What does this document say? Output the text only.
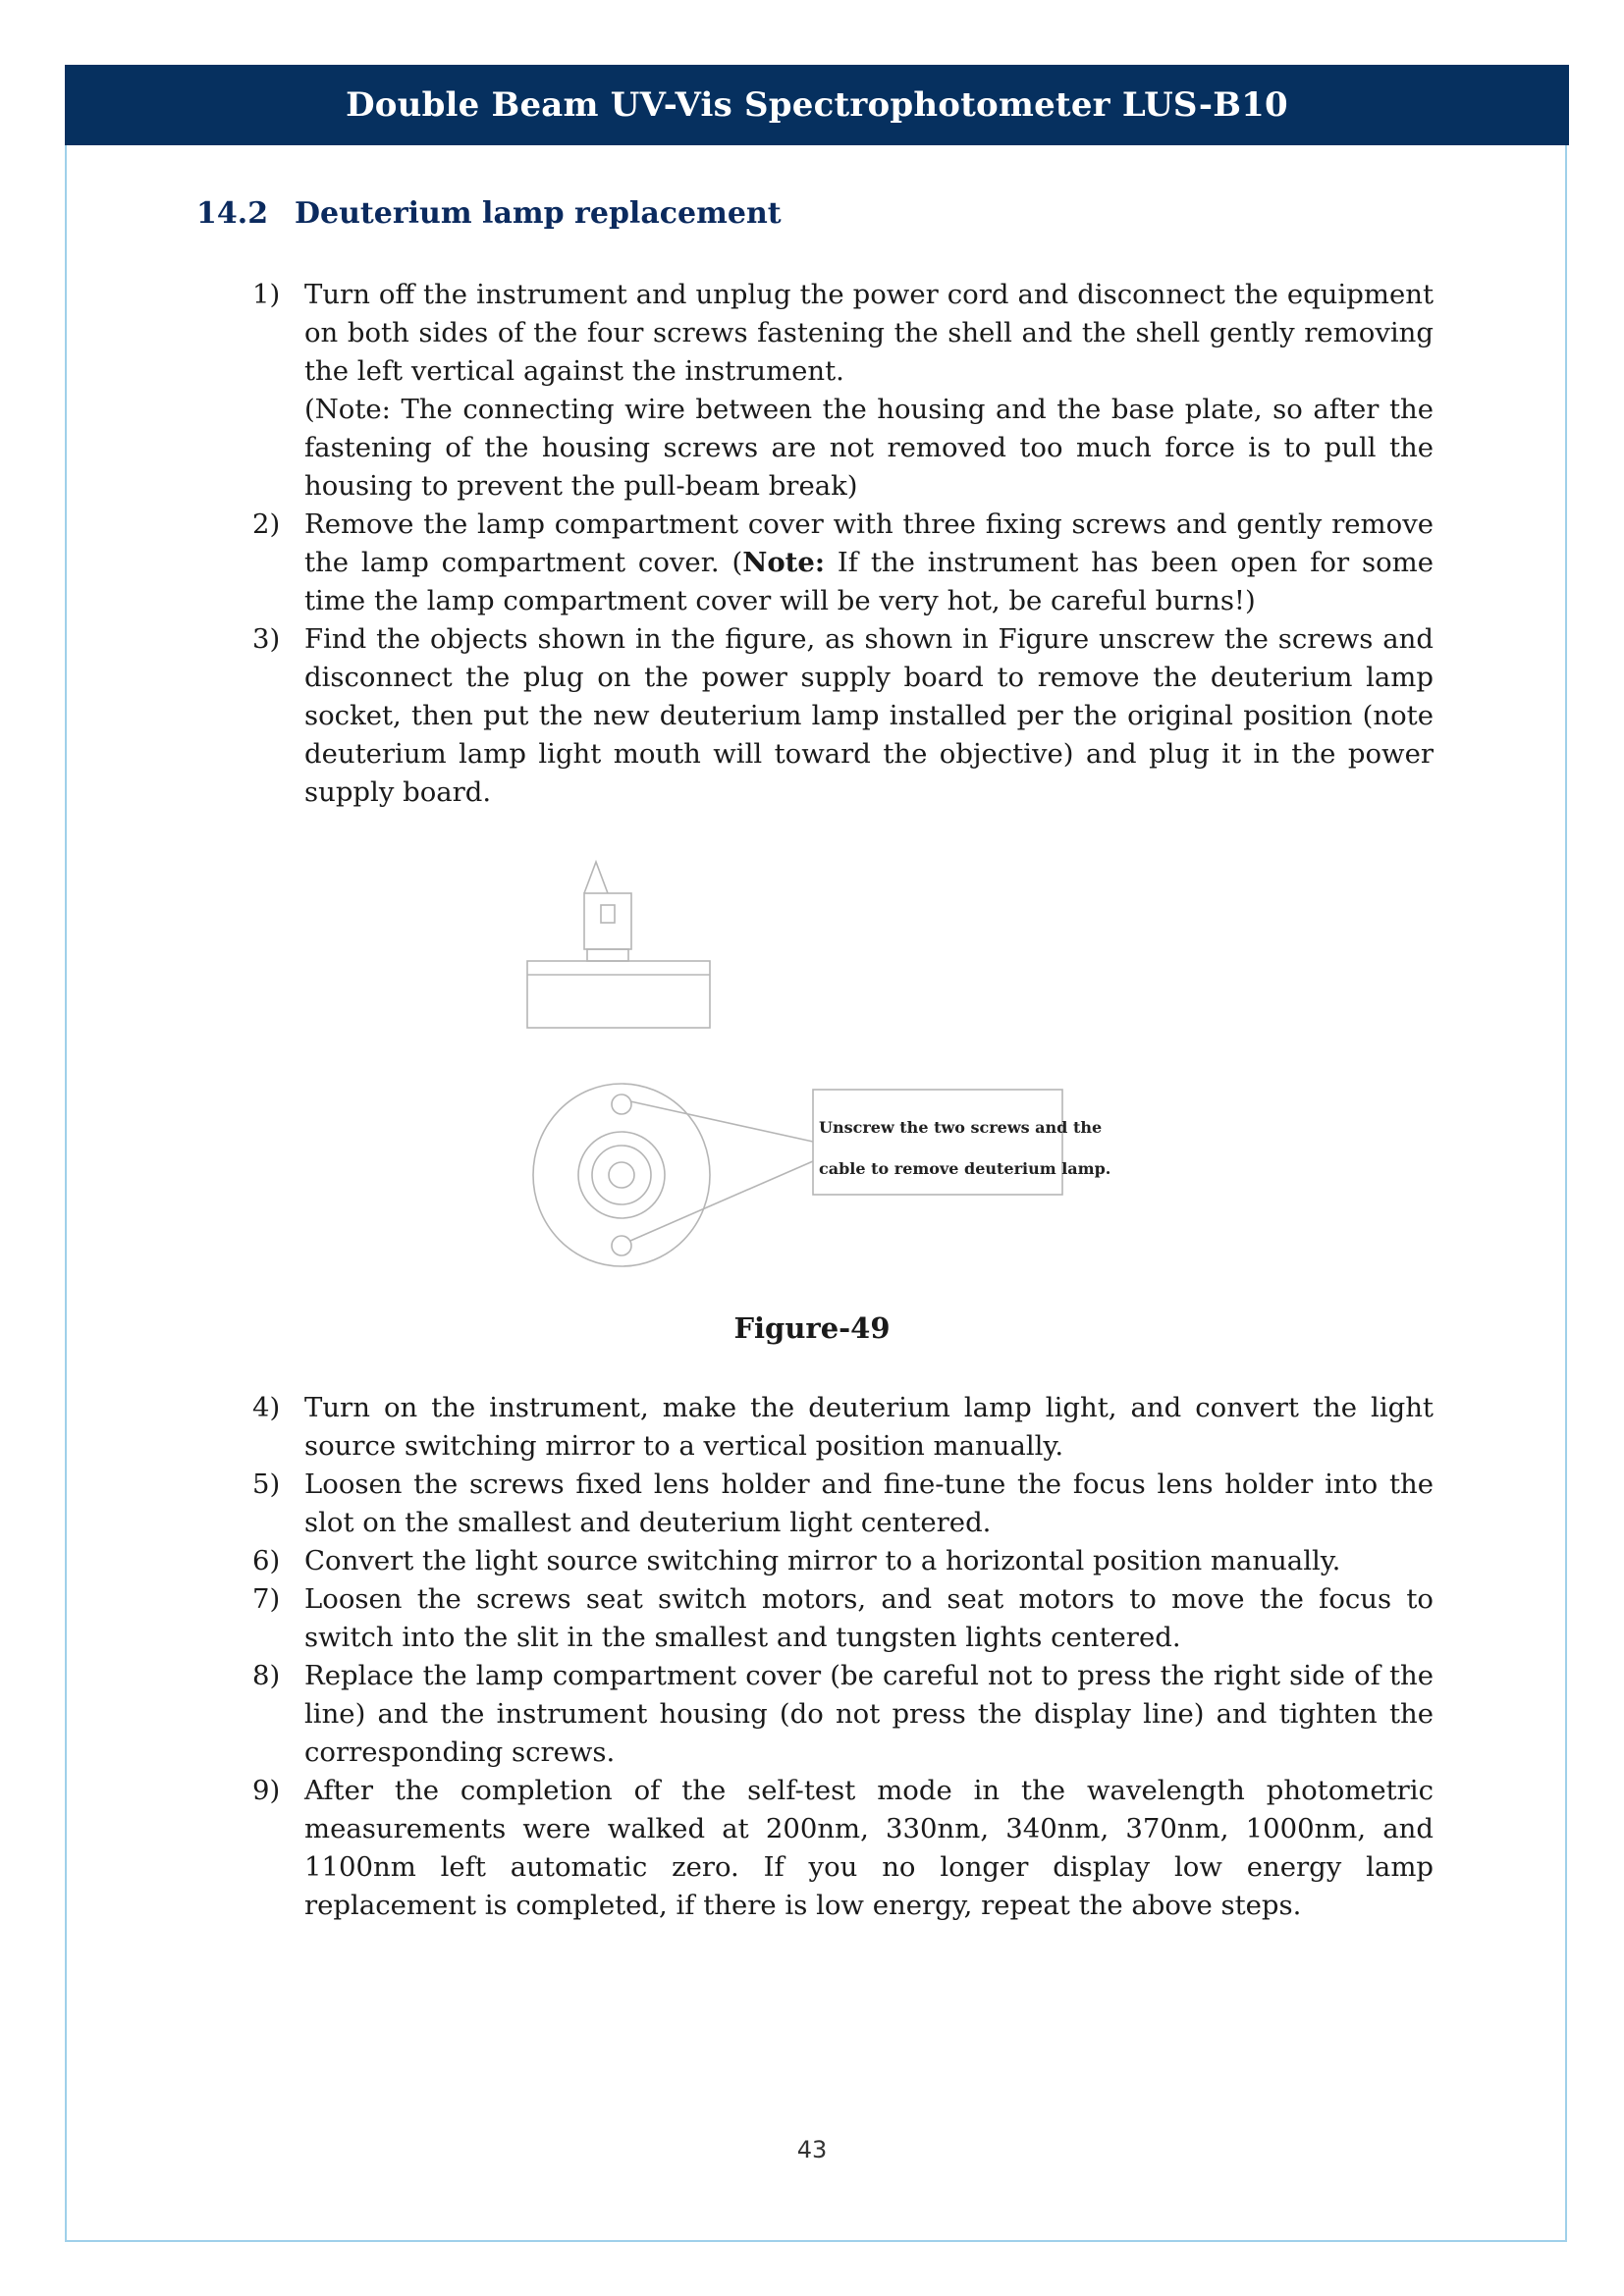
Double Beam UV-Vis Spectrophotometer LUS-B10
14.2 Deuterium lamp replacement
1) Turn off the instrument and unplug the power cord and disconnect the equipment on both sides of the four screws fastening the shell and the shell gently removing the left vertical against the instrument.
(Note: The connecting wire between the housing and the base plate, so after the fastening of the housing screws are not removed too much force is to pull the housing to prevent the pull-beam break)
2) Remove the lamp compartment cover with three fixing screws and gently remove the lamp compartment cover. (Note: If the instrument has been open for some time the lamp compartment cover will be very hot, be careful burns!)
3) Find the objects shown in the figure, as shown in Figure unscrew the screws and disconnect the plug on the power supply board to remove the deuterium lamp socket, then put the new deuterium lamp installed per the original position (note deuterium lamp light mouth will toward the objective) and plug it in the power supply board.
Unscrew the two screws and the
cable to remove deuterium lamp.
Figure-49
4) Turn on the instrument, make the deuterium lamp light, and convert the light source switching mirror to a vertical position manually.
5) Loosen the screws fixed lens holder and fine-tune the focus lens holder into the slot on the smallest and deuterium light centered.
6) Convert the light source switching mirror to a horizontal position manually.
7) Loosen the screws seat switch motors, and seat motors to move the focus to switch into the slit in the smallest and tungsten lights centered.
8) Replace the lamp compartment cover (be careful not to press the right side of the line) and the instrument housing (do not press the display line) and tighten the corresponding screws.
9) After the completion of the self-test mode in the wavelength photometric measurements were walked at 200nm, 330nm, 340nm, 370nm, 1000nm, and 1100nm left automatic zero. If you no longer display low energy lamp replacement is completed, if there is low energy, repeat the above steps.
43
